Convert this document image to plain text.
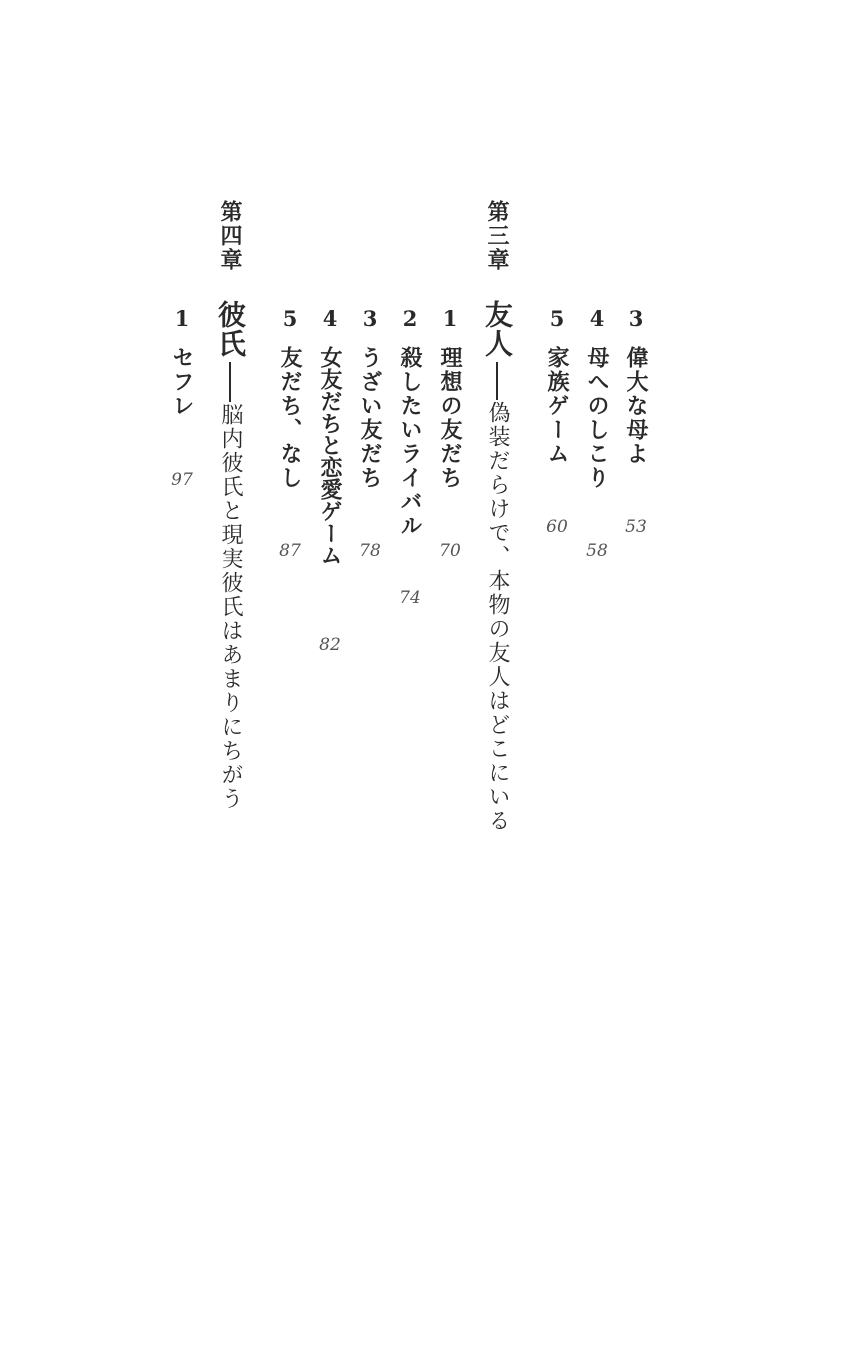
3
偉大な母よ
53
4
母へのしこり
58
5
家族ゲーム
60
第三章
友人
偽装だらけで、本物の友人はどこにいる
1
理想の友だち
70
2
殺したいライバル
74
3
うざい友だち
78
4
女友だちと恋愛ゲーム
82
5
友だち、なし
87
第四章
彼氏
脳内彼氏と現実彼氏はあまりにちがう
1
セフレ
97
